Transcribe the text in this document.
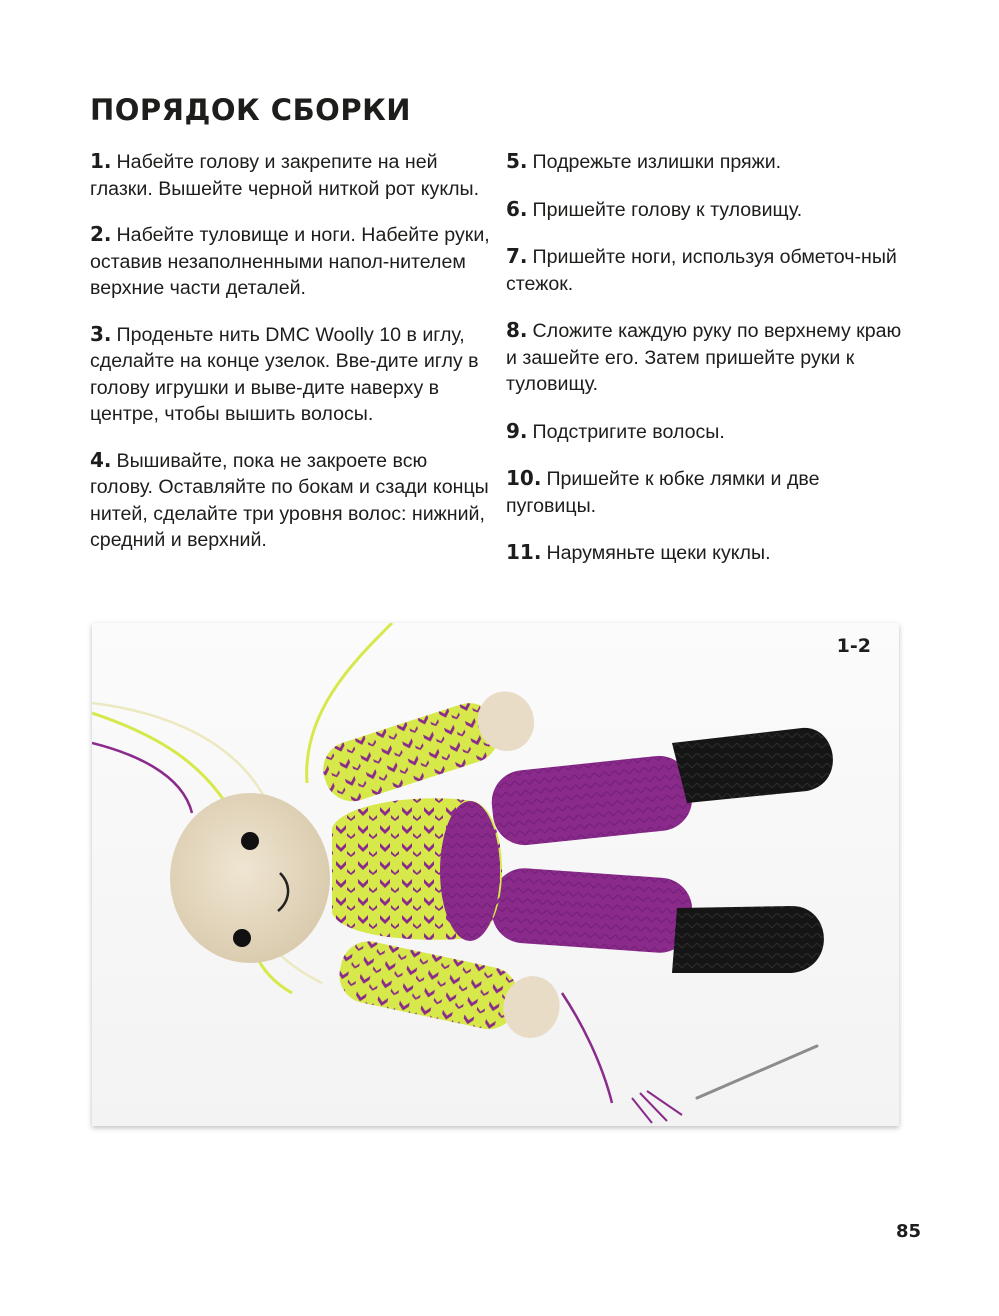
ПОРЯДОК СБОРКИ

1. Набейте голову и закрепите на ней глазки. Вышейте черной ниткой рот куклы.

2. Набейте туловище и ноги. Набейте руки, оставив незаполненными напол-нителем верхние части деталей.

3. Проденьте нить DMC Woolly 10 в иглу, сделайте на конце узелок. Вве-дите иглу в голову игрушки и выве-дите наверху в центре, чтобы вышить волосы.

4. Вышивайте, пока не закроете всю голову. Оставляйте по бокам и сзади концы нитей, сделайте три уровня волос: нижний, средний и верхний.

5. Подрежьте излишки пряжи.

6. Пришейте голову к туловищу.

7. Пришейте ноги, используя обметоч-ный стежок.

8. Сложите каждую руку по верхнему краю и зашейте его. Затем пришейте руки к туловищу.

9. Подстригите волосы.

10. Пришейте к юбке лямки и две пуговицы.

11. Нарумяньте щеки куклы.

1-2
85
